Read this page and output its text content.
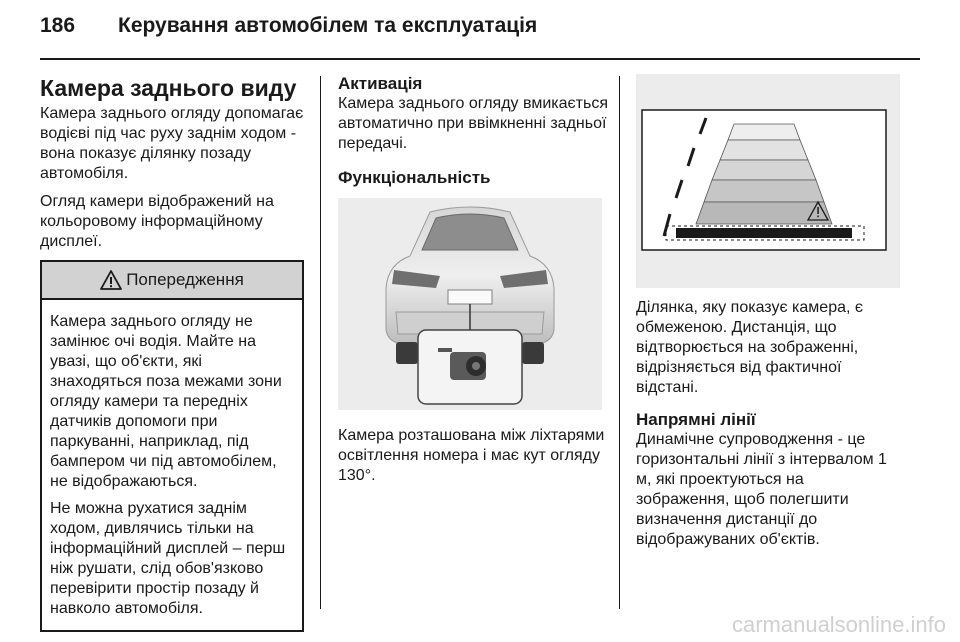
186 Керування автомобілем та експлуатація
Камера заднього виду

Камера заднього огляду допомагає водієві під час руху заднім ходом - вона показує ділянку позаду автомобіля.

Огляд камери відображений на кольоровому інформаційному дисплеї.

Попередження

Камера заднього огляду не замінює очі водія. Майте на увазі, що об'єкти, які знаходяться поза межами зони огляду камери та передніх датчиків допомоги при паркуванні, наприклад, під бампером чи під автомобілем, не відображаються.

Не можна рухатися заднім ходом, дивлячись тільки на інформаційний дисплей – перш ніж рушати, слід обов'язково перевірити простір позаду й навколо автомобіля.

Активація

Камера заднього огляду вмикається автоматично при ввімкненні задньої передачі.

Функціональність

Камера розташована між ліхтарями освітлення номера і має кут огляду 130°.

Ділянка, яку показує камера, є обмеженою. Дистанція, що відтворюється на зображенні, відрізняється від фактичної відстані.

Напрямні лінії

Динамічне супроводження - це горизонтальні лінії з інтервалом 1 м, які проектуються на зображення, щоб полегшити визначення дистанції до відображуваних об'єктів.

carmanualsonline.info
